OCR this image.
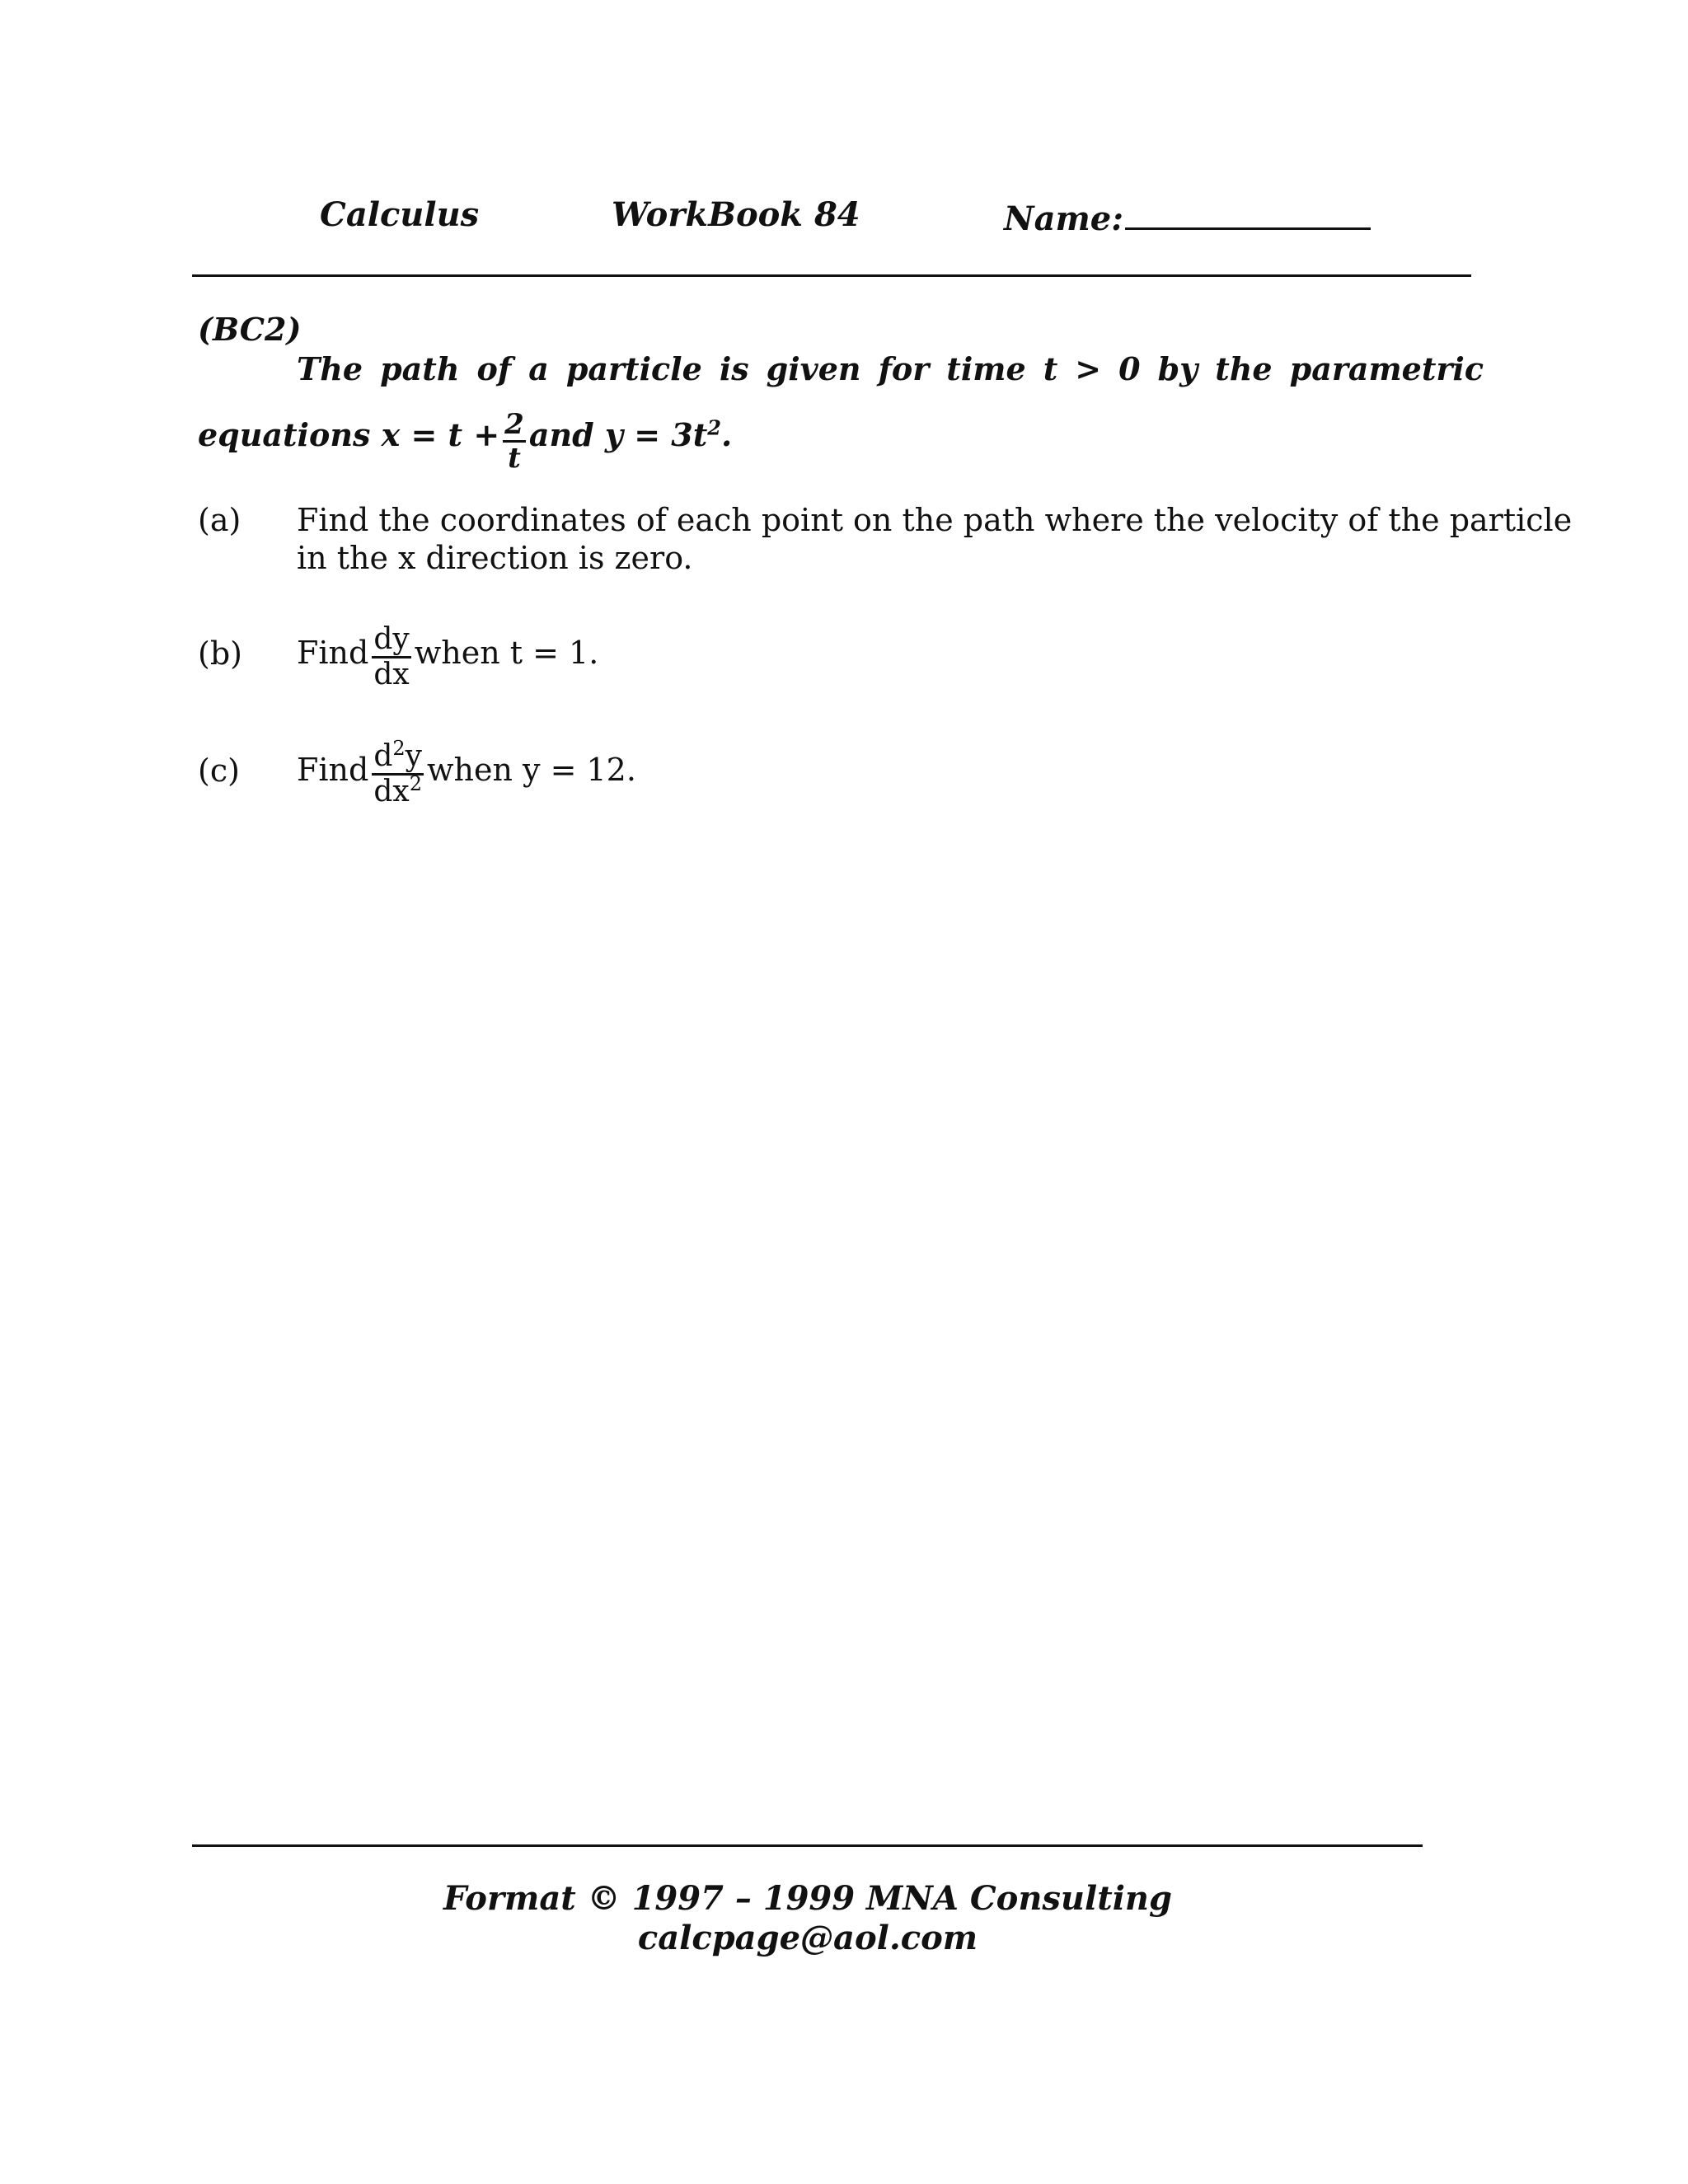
Calculus	WorkBook 84	Name:
(BC2)
The path of a particle is given for time t > 0 by the parametric
equations $x = t + \frac{2}{t}$ and $y = 3t^2$.
(a) Find the coordinates of each point on the path where the velocity of the particle
in the x direction is zero.
(b) Find $\frac{dy}{dx}$ when t = 1.
(c) Find $\frac{d^2y}{dx^2}$ when y = 12.
Format © 1997 – 1999 MNA Consulting
calcpage@aol.com
